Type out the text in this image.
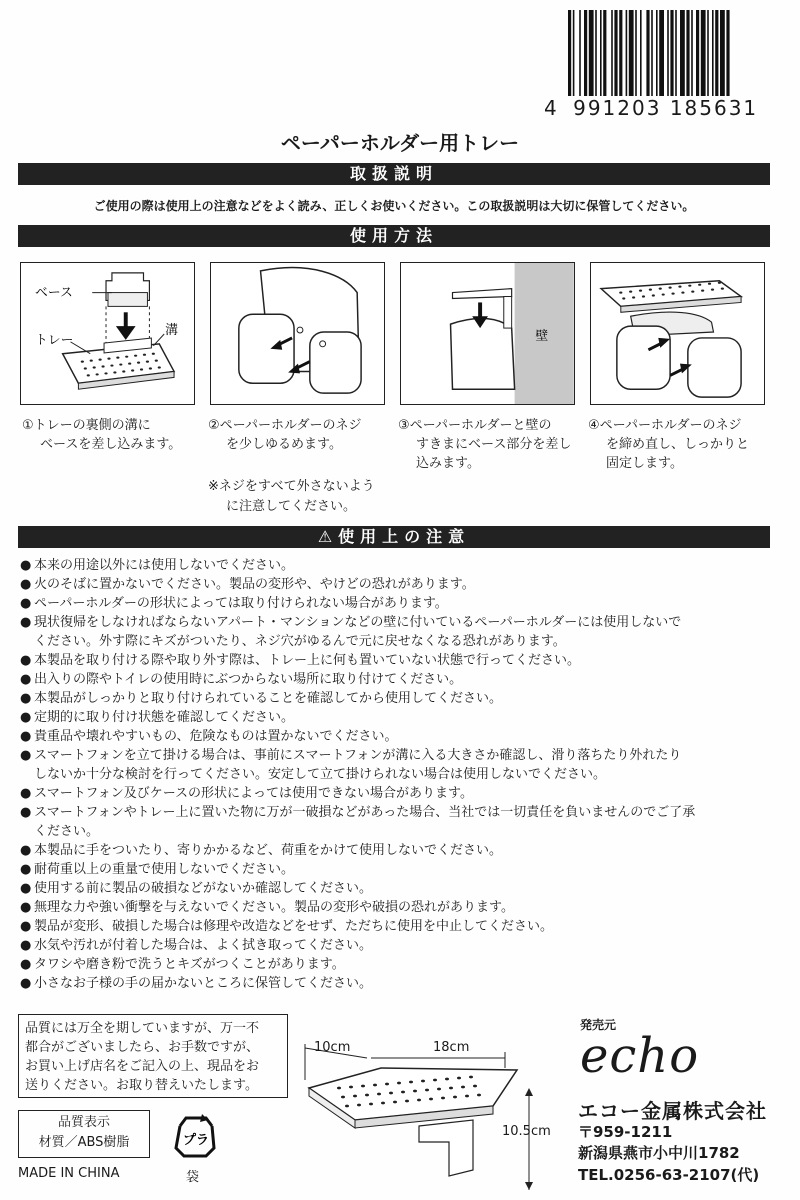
4 991203 185631
ペーパーホルダー用トレー
取扱説明
ご使用の際は使用上の注意などをよく読み、正しくお使いください。この取扱説明は大切に保管してください。
使用方法
ベース
トレー
溝	壁
①トレーの裏側の溝に
ベースを差し込みます。
②ペーパーホルダーのネジ
を少しゆるめます。
③ペーパーホルダーと壁の
すきまにベース部分を差し
込みます。
④ペーパーホルダーのネジ
を締め直し、しっかりと
固定します。
※ネジをすべて外さないよう
に注意してください。
⚠使用上の注意
● 本来の用途以外には使用しないでください。
● 火のそばに置かないでください。製品の変形や、やけどの恐れがあります。
● ペーパーホルダーの形状によっては取り付けられない場合があります。
● 現状復帰をしなければならないアパート・マンションなどの壁に付いているペーパーホルダーには使用しないで
ください。外す際にキズがついたり、ネジ穴がゆるんで元に戻せなくなる恐れがあります。
● 本製品を取り付ける際や取り外す際は、トレー上に何も置いていない状態で行ってください。
● 出入りの際やトイレの使用時にぶつからない場所に取り付けてください。
● 本製品がしっかりと取り付けられていることを確認してから使用してください。
● 定期的に取り付け状態を確認してください。
● 貴重品や壊れやすいもの、危険なものは置かないでください。
● スマートフォンを立て掛ける場合は、事前にスマートフォンが溝に入る大きさか確認し、滑り落ちたり外れたり
しないか十分な検討を行ってください。安定して立て掛けられない場合は使用しないでください。
● スマートフォン及びケースの形状によっては使用できない場合があります。
● スマートフォンやトレー上に置いた物に万が一破損などがあった場合、当社では一切責任を負いませんのでご了承
ください。
● 本製品に手をついたり、寄りかかるなど、荷重をかけて使用しないでください。
● 耐荷重以上の重量で使用しないでください。
● 使用する前に製品の破損などがないか確認してください。
● 無理な力や強い衝撃を与えないでください。製品の変形や破損の恐れがあります。
● 製品が変形、破損した場合は修理や改造などをせず、ただちに使用を中止してください。
● 水気や汚れが付着した場合は、よく拭き取ってください。
● タワシや磨き粉で洗うとキズがつくことがあります。
● 小さなお子様の手の届かないところに保管してください。
品質には万全を期していますが、万一不
都合がございましたら、お手数ですが、
お買い上げ店名をご記入の上、現品をお
送りください。お取り替えいたします。
品質表示
材質／ABS樹脂
MADE IN CHINA
プラ
袋
10cm	18cm
10.5cm
発売元
echo
エコー金属株式会社
〒959-1211
新潟県燕市小中川1782
TEL.0256-63-2107(代)
